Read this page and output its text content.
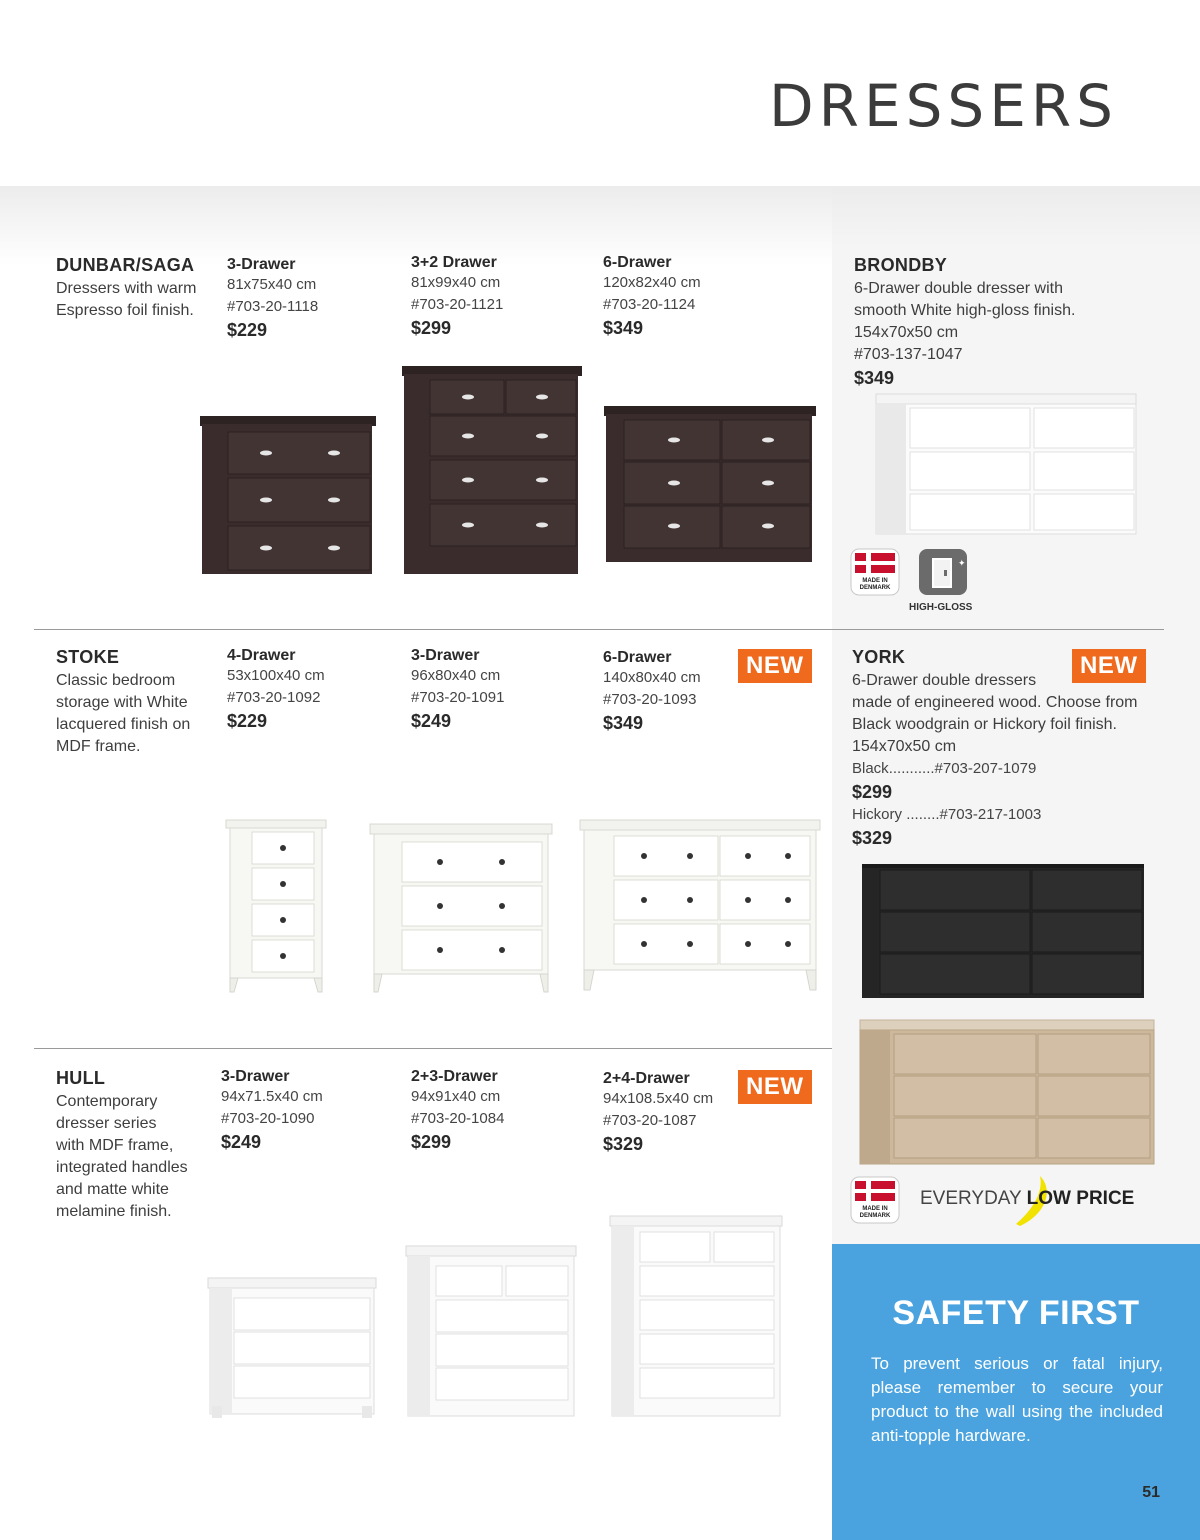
DRESSERS
DUNBAR/SAGA
Dressers with warm
Espresso foil finish.
3-Drawer
81x75x40 cm
#703-20-1118
$229
3+2 Drawer
81x99x40 cm
#703-20-1121
$299
6-Drawer
120x82x40 cm
#703-20-1124
$349
BRONDBY
6-Drawer double dresser with
smooth White high-gloss finish.
154x70x50 cm
#703-137-1047
$349
MADE IN
DENMARK
✦
HIGH-GLOSS
STOKE
Classic bedroom
storage with White
lacquered finish on
MDF frame.
4-Drawer
53x100x40 cm
#703-20-1092
$229
3-Drawer
96x80x40 cm
#703-20-1091
$249
6-Drawer
140x80x40 cm
#703-20-1093
$349
NEW	YORK
6-Drawer double dressers
made of engineered wood. Choose from
Black woodgrain or Hickory foil finish.
154x70x50 cm
Black...........#703-207-1079
$299
Hickory ........#703-217-1003
$329
NEW
MADE IN
DENMARK
EVERYDAY LOW PRICE
HULL
Contemporary
dresser series
with MDF frame,
integrated handles
and matte white
melamine finish.
3-Drawer
94x71.5x40 cm
#703-20-1090
$249
2+3-Drawer
94x91x40 cm
#703-20-1084
$299
2+4-Drawer
94x108.5x40 cm
#703-20-1087
$329
NEW
SAFETY FIRST
To prevent serious or fatal injury, please remember to secure your product to the wall using the included anti-topple hardware.
51
